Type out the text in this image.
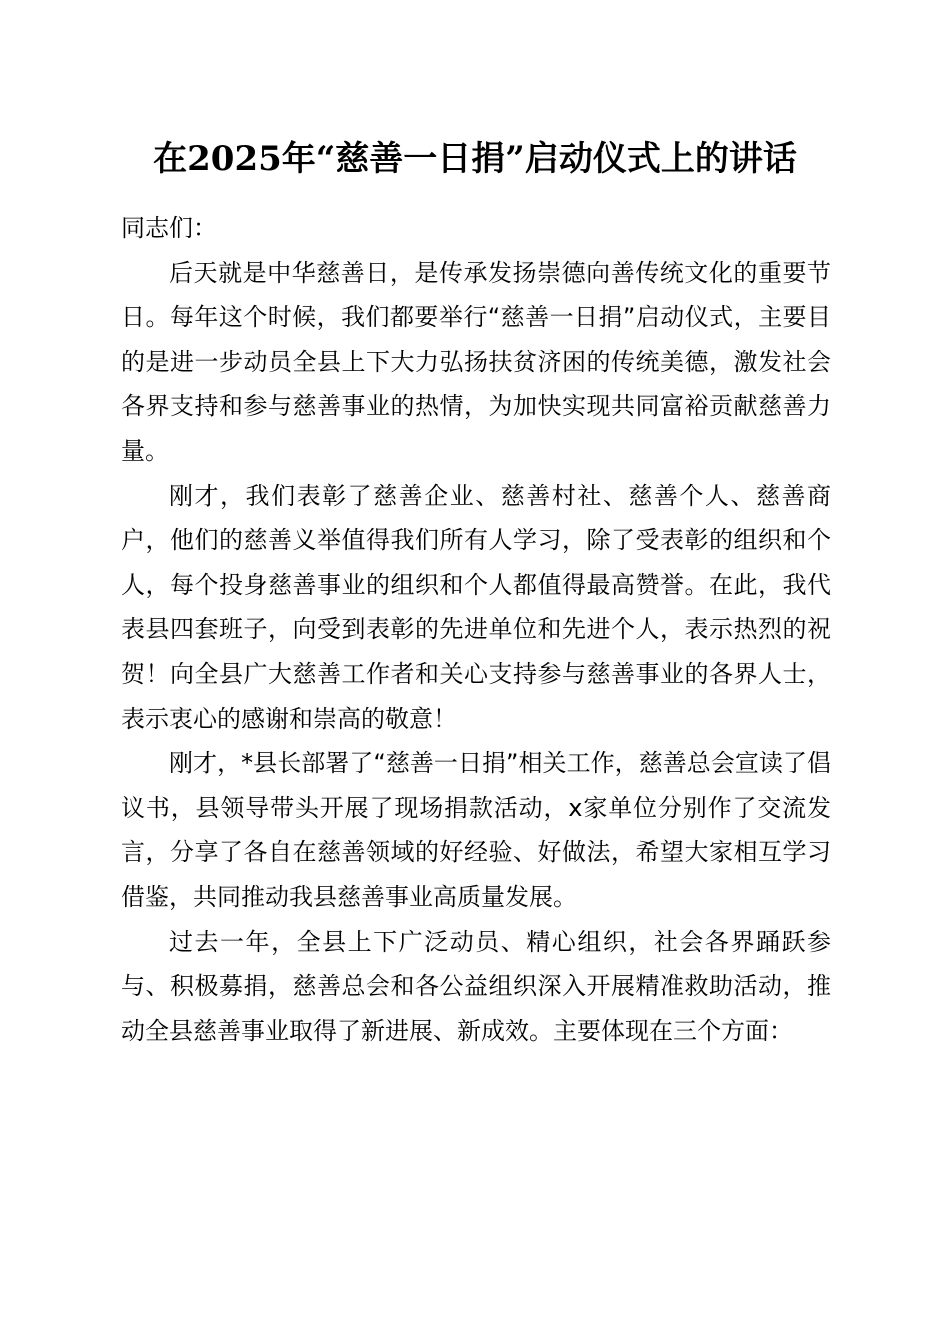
在2025年“慈善一日捐”启动仪式上的讲话

同志们：

后天就是中华慈善日，是传承发扬崇德向善传统文化的重要节日。每年这个时候，我们都要举行“慈善一日捐”启动仪式，主要目的是进一步动员全县上下大力弘扬扶贫济困的传统美德，激发社会各界支持和参与慈善事业的热情，为加快实现共同富裕贡献慈善力量。

刚才，我们表彰了慈善企业、慈善村社、慈善个人、慈善商户，他们的慈善义举值得我们所有人学习，除了受表彰的组织和个人，每个投身慈善事业的组织和个人都值得最高赞誉。在此，我代表县四套班子，向受到表彰的先进单位和先进个人，表示热烈的祝贺！向全县广大慈善工作者和关心支持参与慈善事业的各界人士，表示衷心的感谢和崇高的敬意！

刚才，*县长部署了“慈善一日捐”相关工作，慈善总会宣读了倡议书，县领导带头开展了现场捐款活动，x家单位分别作了交流发言，分享了各自在慈善领域的好经验、好做法，希望大家相互学习借鉴，共同推动我县慈善事业高质量发展。

过去一年，全县上下广泛动员、精心组织，社会各界踊跃参与、积极募捐，慈善总会和各公益组织深入开展精准救助活动，推动全县慈善事业取得了新进展、新成效。主要体现在三个方面：
